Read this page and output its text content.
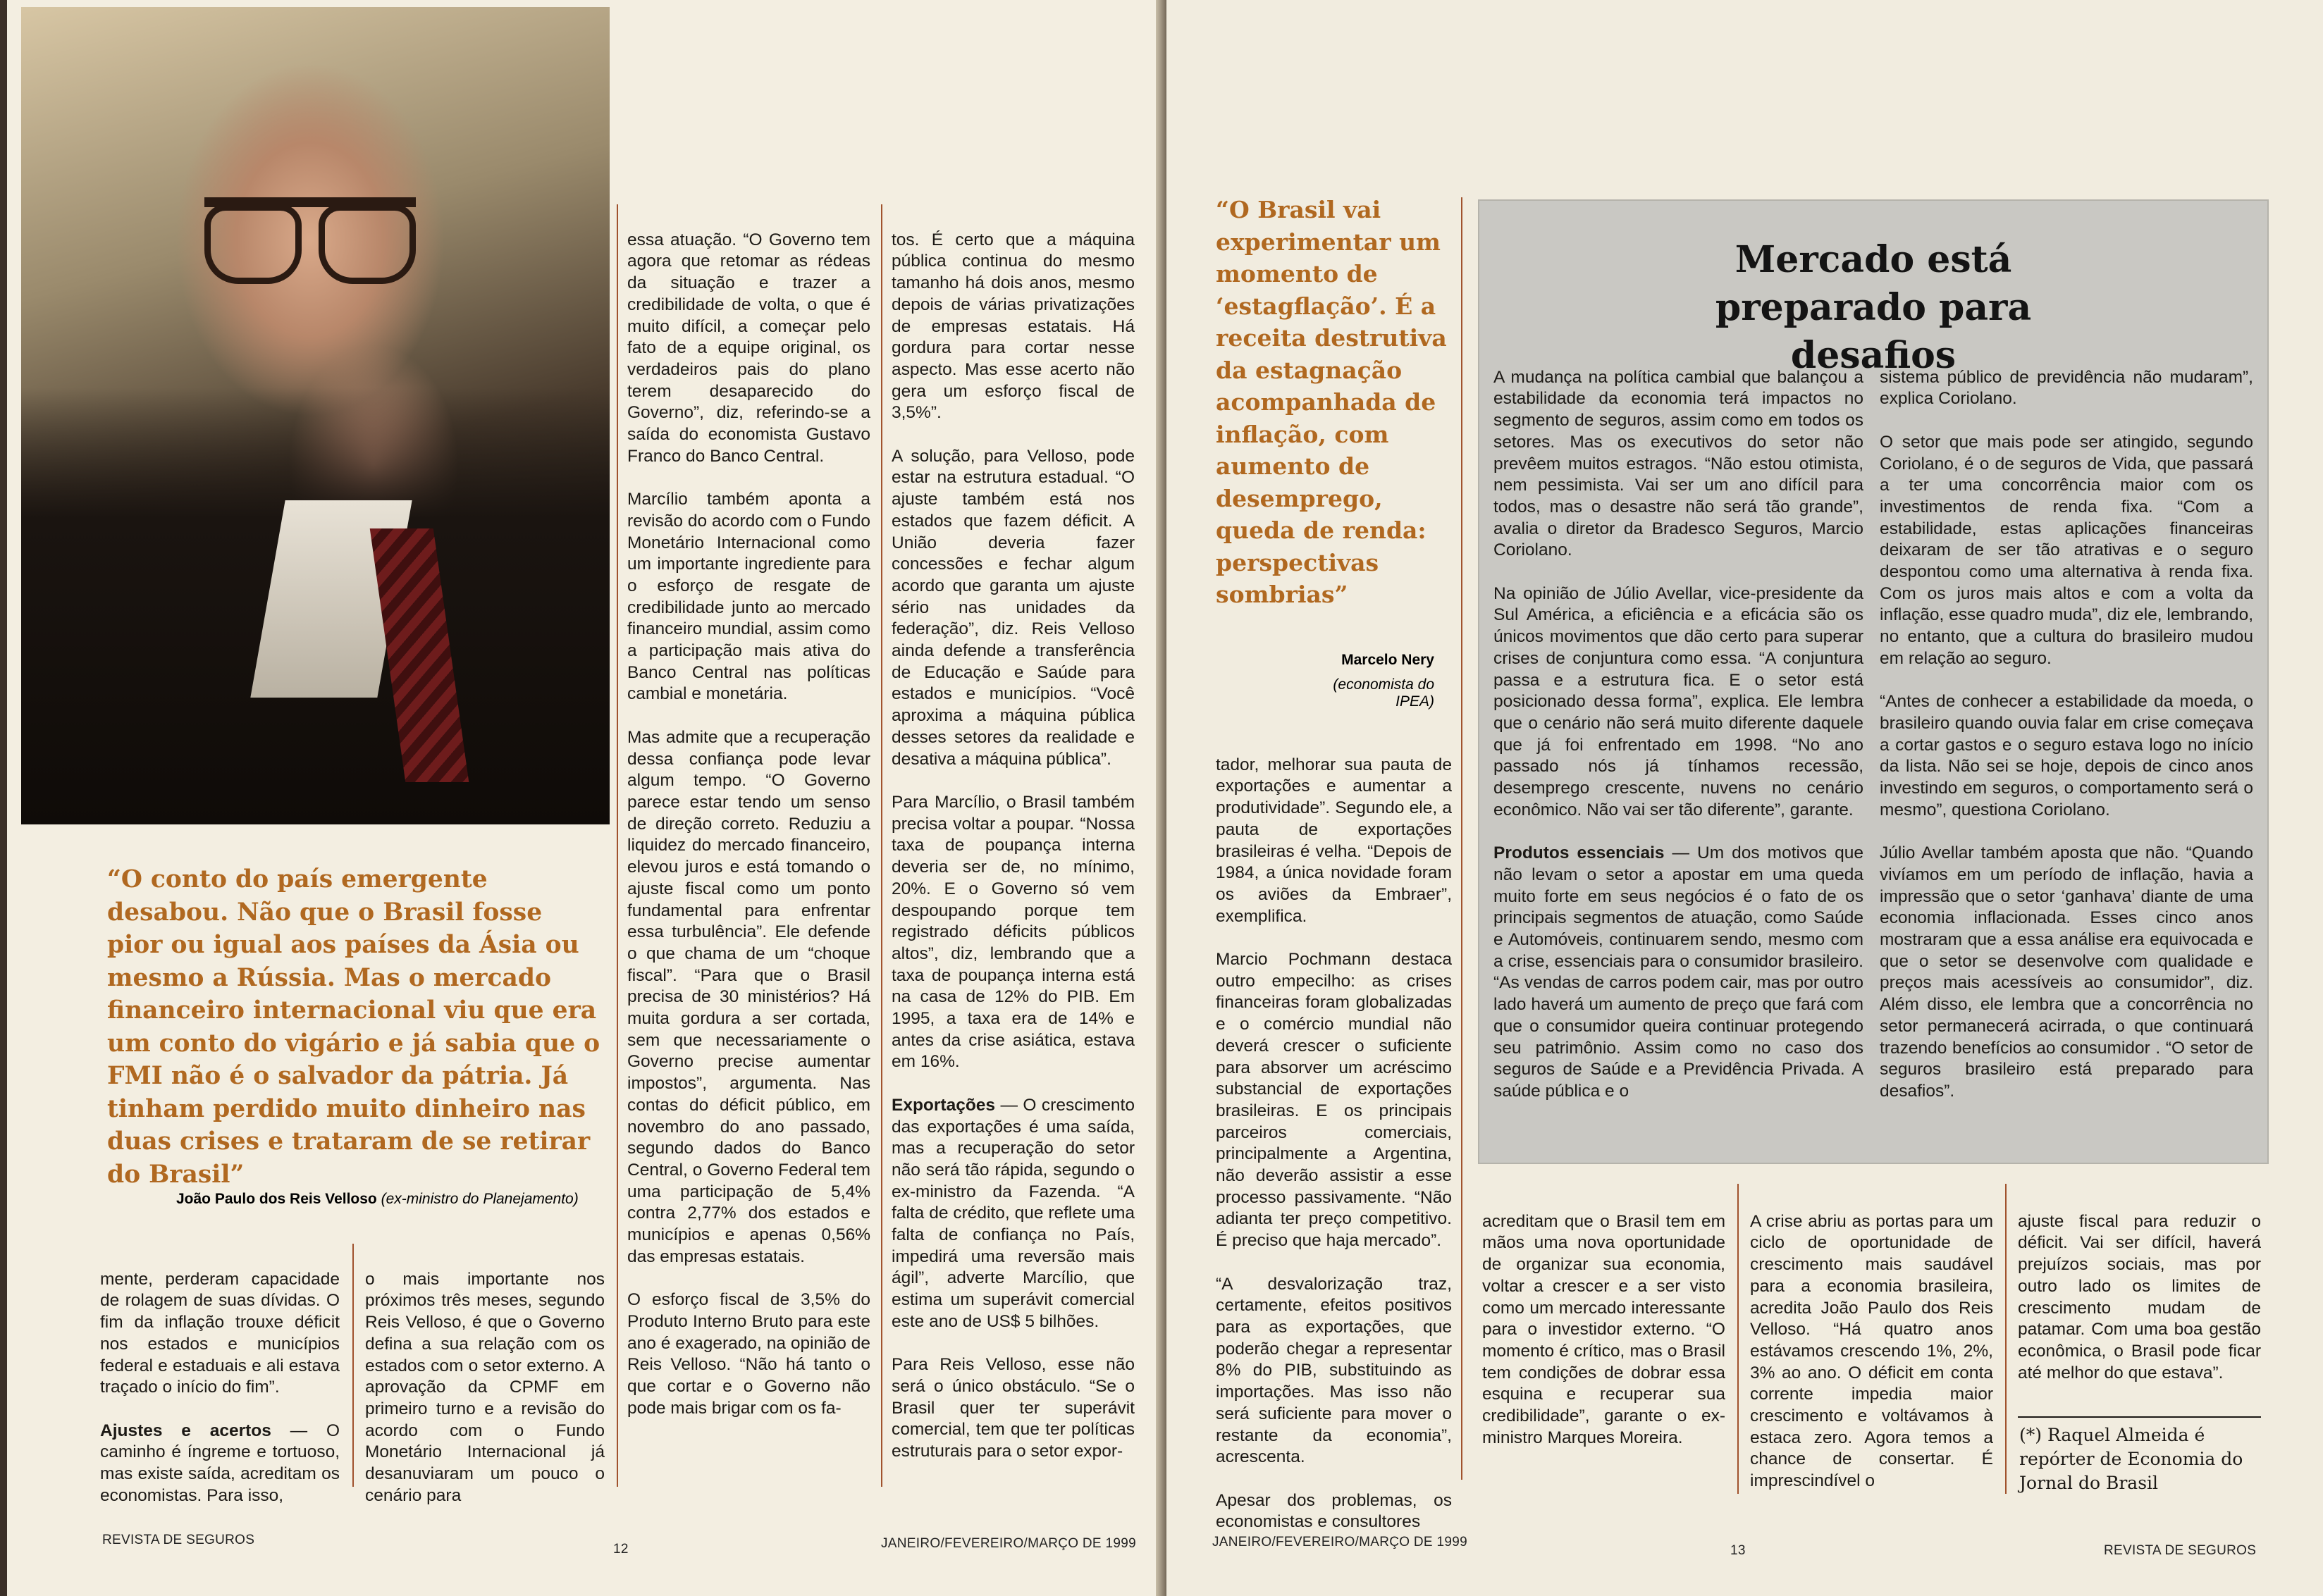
“O conto do país emergente desabou. Não que o Brasil fosse pior ou igual aos países da Ásia ou mesmo a Rússia. Mas o mercado financeiro internacional viu que era um conto do vigário e já sabia que o FMI não é o salvador da pátria. Já tinham perdido muito dinheiro nas duas crises e trataram de se retirar do Brasil”
João Paulo dos Reis Velloso (ex-ministro do Planejamento)

mente, perderam capacidade de rolagem de suas dívidas. O fim da inflação trouxe déficit nos estados e municípios federal e estaduais e ali estava traçado o início do fim”.

Ajustes e acertos — O caminho é íngreme e tortuoso, mas existe saída, acreditam os economistas. Para isso,

o mais importante nos próximos três meses, segundo Reis Velloso, é que o Governo defina a sua relação com os estados com o setor externo. A aprovação da CPMF em primeiro turno e a revisão do acordo com o Fundo Monetário Internacional já desanuviaram um pouco o cenário para

essa atuação. “O Governo tem agora que retomar as rédeas da situação e trazer a credibilidade de volta, o que é muito difícil, a começar pelo fato de a equipe original, os verdadeiros pais do plano terem desaparecido do Governo”, diz, referindo-se a saída do economista Gustavo Franco do Banco Central.

Marcílio também aponta a revisão do acordo com o Fundo Monetário Internacional como um importante ingrediente para o esforço de resgate de credibilidade junto ao mercado financeiro mundial, assim como a participação mais ativa do Banco Central nas políticas cambial e monetária.

Mas admite que a recuperação dessa confiança pode levar algum tempo. “O Governo parece estar tendo um senso de direção correto. Reduziu a liquidez do mercado financeiro, elevou juros e está tomando o ajuste fiscal como um ponto fundamental para enfrentar essa turbulência”. Ele defende o que chama de um “choque fiscal”. “Para que o Brasil precisa de 30 ministérios? Há muita gordura a ser cortada, sem que necessariamente o Governo precise aumentar impostos”, argumenta. Nas contas do déficit público, em novembro do ano passado, segundo dados do Banco Central, o Governo Federal tem uma participação de 5,4% contra 2,77% dos estados e municípios e apenas 0,56% das empresas estatais.

O esforço fiscal de 3,5% do Produto Interno Bruto para este ano é exagerado, na opinião de Reis Velloso. “Não há tanto o que cortar e o Governo não pode mais brigar com os fa-

tos. É certo que a máquina pública continua do mesmo tamanho há dois anos, mesmo depois de várias privatizações de empresas estatais. Há gordura para cortar nesse aspecto. Mas esse acerto não gera um esforço fiscal de 3,5%”.

A solução, para Velloso, pode estar na estrutura estadual. “O ajuste também está nos estados que fazem déficit. A União deveria fazer concessões e fechar algum acordo que garanta um ajuste sério nas unidades da federação”, diz. Reis Velloso ainda defende a transferência de Educação e Saúde para estados e municípios. “Você aproxima a máquina pública desses setores da realidade e desativa a máquina pública”.

Para Marcílio, o Brasil também precisa voltar a poupar. “Nossa taxa de poupança interna deveria ser de, no mínimo, 20%. E o Governo só vem despoupando porque tem registrado déficits públicos altos”, diz, lembrando que a taxa de poupança interna está na casa de 12% do PIB. Em 1995, a taxa era de 14% e antes da crise asiática, estava em 16%.

Exportações — O crescimento das exportações é uma saída, mas a recuperação do setor não será tão rápida, segundo o ex-ministro da Fazenda. “A falta de crédito, que reflete uma falta de confiança no País, impedirá uma reversão mais ágil”, adverte Marcílio, que estima um superávit comercial este ano de US$ 5 bilhões.

Para Reis Velloso, esse não será o único obstáculo. “Se o Brasil quer ter superávit comercial, tem que ter políticas estruturais para o setor expor-

REVISTA DE SEGUROS
12	JANEIRO/FEVEREIRO/MARÇO DE 1999
“O Brasil vai experimentar um momento de ‘estagflação’. É a receita destrutiva da estagnação acompanhada de inflação, com aumento de desemprego, queda de renda: perspectivas sombrias”
Marcelo Nery
(economista do IPEA)

tador, melhorar sua pauta de exportações e aumentar a produtividade”. Segundo ele, a pauta de exportações brasileiras é velha. “Depois de 1984, a única novidade foram os aviões da Embraer”, exemplifica.

Marcio Pochmann destaca outro empecilho: as crises financeiras foram globalizadas e o comércio mundial não deverá crescer o suficiente para absorver um acréscimo substancial de exportações brasileiras. E os principais parceiros comerciais, principalmente a Argentina, não deverão assistir a esse processo passivamente. “Não adianta ter preço competitivo. É preciso que haja mercado”.

“A desvalorização traz, certamente, efeitos positivos para as exportações, que poderão chegar a representar 8% do PIB, substituindo as importações. Mas isso não será suficiente para mover o restante da economia”, acrescenta.

Apesar dos problemas, os economistas e consultores

Mercado está preparado para desafios

A mudança na política cambial que balançou a estabilidade da economia terá impactos no segmento de seguros, assim como em todos os setores. Mas os executivos do setor não prevêem muitos estragos. “Não estou otimista, nem pessimista. Vai ser um ano difícil para todos, mas o desastre não será tão grande”, avalia o diretor da Bradesco Seguros, Marcio Coriolano.

Na opinião de Júlio Avellar, vice-presidente da Sul América, a eficiência e a eficácia são os únicos movimentos que dão certo para superar crises de conjuntura como essa. “A conjuntura passa e a estrutura fica. E o setor está posicionado dessa forma”, explica. Ele lembra que o cenário não será muito diferente daquele que já foi enfrentado em 1998. “No ano passado nós já tínhamos recessão, desemprego crescente, nuvens no cenário econômico. Não vai ser tão diferente”, garante.

Produtos essenciais — Um dos motivos que não levam o setor a apostar em uma queda muito forte em seus negócios é o fato de os principais segmentos de atuação, como Saúde e Automóveis, continuarem sendo, mesmo com a crise, essenciais para o consumidor brasileiro. “As vendas de carros podem cair, mas por outro lado haverá um aumento de preço que fará com que o consumidor queira continuar protegendo seu patrimônio. Assim como no caso dos seguros de Saúde e a Previdência Privada. A saúde pública e o

sistema público de previdência não mudaram”, explica Coriolano.

O setor que mais pode ser atingido, segundo Coriolano, é o de seguros de Vida, que passará a ter uma concorrência maior com os investimentos de renda fixa. “Com a estabilidade, estas aplicações financeiras deixaram de ser tão atrativas e o seguro despontou como uma alternativa à renda fixa. Com os juros mais altos e com a volta da inflação, esse quadro muda”, diz ele, lembrando, no entanto, que a cultura do brasileiro mudou em relação ao seguro.

“Antes de conhecer a estabilidade da moeda, o brasileiro quando ouvia falar em crise começava a cortar gastos e o seguro estava logo no início da lista. Não sei se hoje, depois de cinco anos investindo em seguros, o comportamento será o mesmo”, questiona Coriolano.

Júlio Avellar também aposta que não. “Quando vivíamos em um período de inflação, havia a impressão que o setor ‘ganhava’ diante de uma economia inflacionada. Esses cinco anos mostraram que a essa análise era equivocada e que o setor se desenvolve com qualidade e preços mais acessíveis ao consumidor”, diz. Além disso, ele lembra que a concorrência no setor permanecerá acirrada, o que continuará trazendo benefícios ao consumidor . “O setor de seguros brasileiro está preparado para desafios”.

acreditam que o Brasil tem em mãos uma nova oportunidade de organizar sua economia, voltar a crescer e a ser visto como um mercado interessante para o investidor externo. “O momento é crítico, mas o Brasil tem condições de dobrar essa esquina e recuperar sua credibilidade”, garante o ex-ministro Marques Moreira.

A crise abriu as portas para um ciclo de oportunidade de crescimento mais saudável para a economia brasileira, acredita João Paulo dos Reis Velloso. “Há quatro anos estávamos crescendo 1%, 2%, 3% ao ano. O déficit em conta corrente impedia maior crescimento e voltávamos à estaca zero. Agora temos a chance de consertar. É imprescindível o

ajuste fiscal para reduzir o déficit. Vai ser difícil, haverá prejuízos sociais, mas por outro lado os limites de crescimento mudam de patamar. Com uma boa gestão econômica, o Brasil pode ficar até melhor do que estava”.

(*) Raquel Almeida é repórter de Economia do Jornal do Brasil
JANEIRO/FEVEREIRO/MARÇO DE 1999
13	REVISTA DE SEGUROS
